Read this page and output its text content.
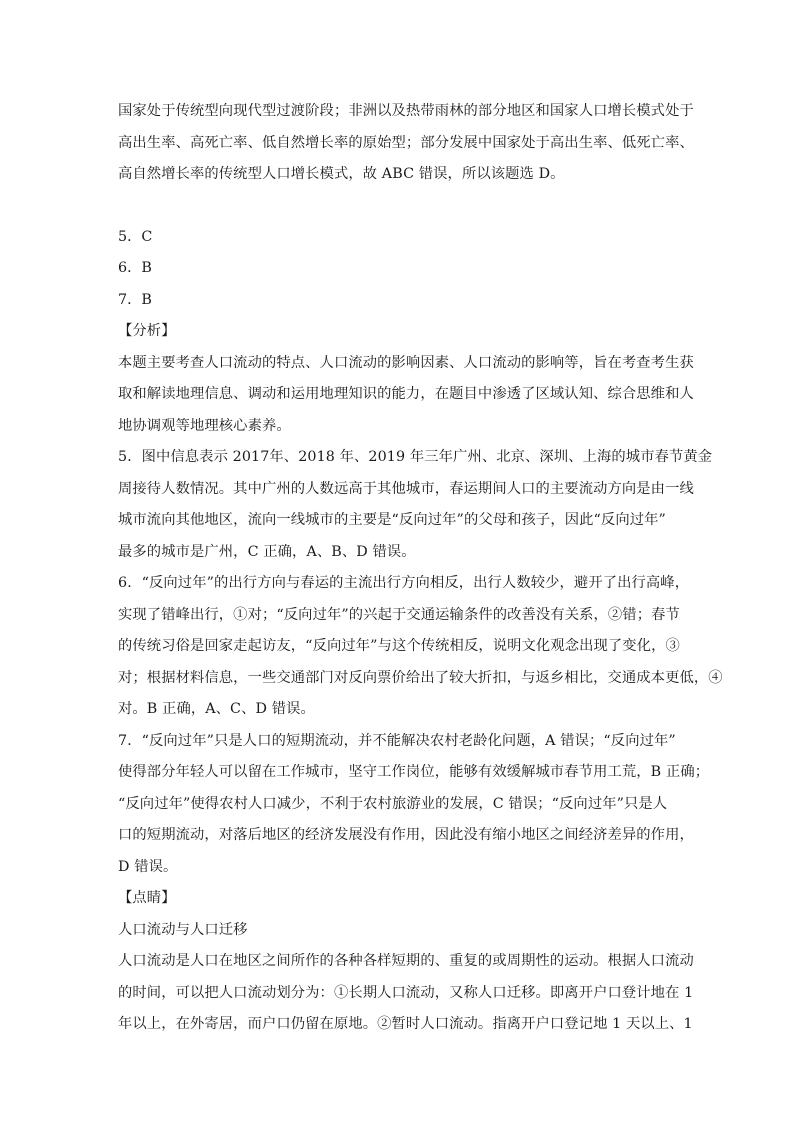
国家处于传统型向现代型过渡阶段；非洲以及热带雨林的部分地区和国家人口增长模式处于

高出生率、高死亡率、低自然增长率的原始型；部分发展中国家处于高出生率、低死亡率、

高自然增长率的传统型人口增长模式，故 ABC 错误，所以该题选 D。

5．C

6．B

7．B

【分析】

本题主要考查人口流动的特点、人口流动的影响因素、人口流动的影响等，旨在考查考生获

取和解读地理信息、调动和运用地理知识的能力，在题目中渗透了区域认知、综合思维和人

地协调观等地理核心素养。

5．图中信息表示 2017年、2018 年、2019 年三年广州、北京、深圳、上海的城市春节黄金

周接待人数情况。其中广州的人数远高于其他城市，春运期间人口的主要流动方向是由一线

城市流向其他地区，流向一线城市的主要是“反向过年”的父母和孩子，因此“反向过年”

最多的城市是广州，C 正确，A、B、D 错误。

6．“反向过年”的出行方向与春运的主流出行方向相反，出行人数较少，避开了出行高峰，

实现了错峰出行，①对；“反向过年”的兴起于交通运输条件的改善没有关系，②错；春节

的传统习俗是回家走起访友，“反向过年”与这个传统相反，说明文化观念出现了变化，③

对；根据材料信息，一些交通部门对反向票价给出了较大折扣，与返乡相比，交通成本更低，④

对。B 正确，A、C、D 错误。

7．“反向过年”只是人口的短期流动，并不能解决农村老龄化问题，A 错误；“反向过年”

使得部分年轻人可以留在工作城市，坚守工作岗位，能够有效缓解城市春节用工荒，B 正确；

“反向过年”使得农村人口减少，不利于农村旅游业的发展，C 错误；“反向过年”只是人

口的短期流动，对落后地区的经济发展没有作用，因此没有缩小地区之间经济差异的作用，

D 错误。

【点睛】

人口流动与人口迁移

人口流动是人口在地区之间所作的各种各样短期的、重复的或周期性的运动。根据人口流动

的时间，可以把人口流动划分为：①长期人口流动，又称人口迁移。即离开户口登计地在 1

年以上，在外寄居，而户口仍留在原地。②暂时人口流动。指离开户口登记地 1 天以上、1
